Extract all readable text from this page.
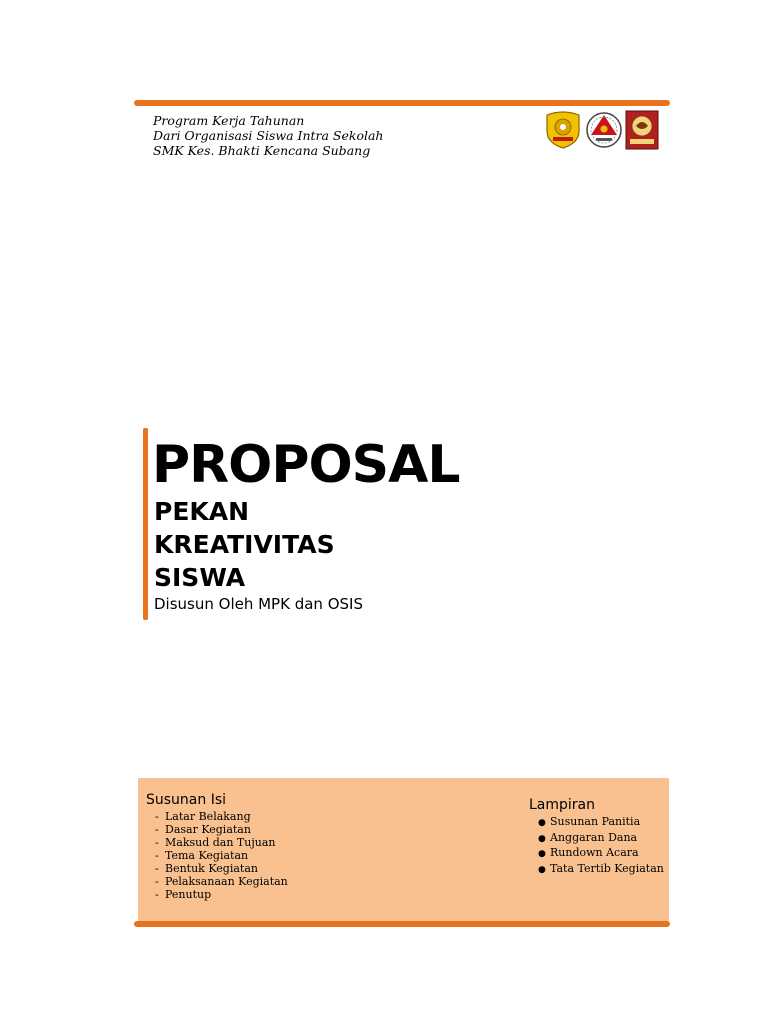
Program Kerja Tahunan
Dari Organisasi Siswa Intra Sekolah
SMK Kes. Bhakti Kencana Subang
PROPOSAL
PEKAN
KREATIVITAS
SISWA
Disusun Oleh MPK dan OSIS
Susunan Isi
- Latar Belakang
- Dasar Kegiatan
- Maksud dan Tujuan
- Tema Kegiatan
- Bentuk Kegiatan
- Pelaksanaan Kegiatan
- Penutup
Lampiran
● Susunan Panitia
● Anggaran Dana
● Rundown Acara
● Tata Tertib Kegiatan
